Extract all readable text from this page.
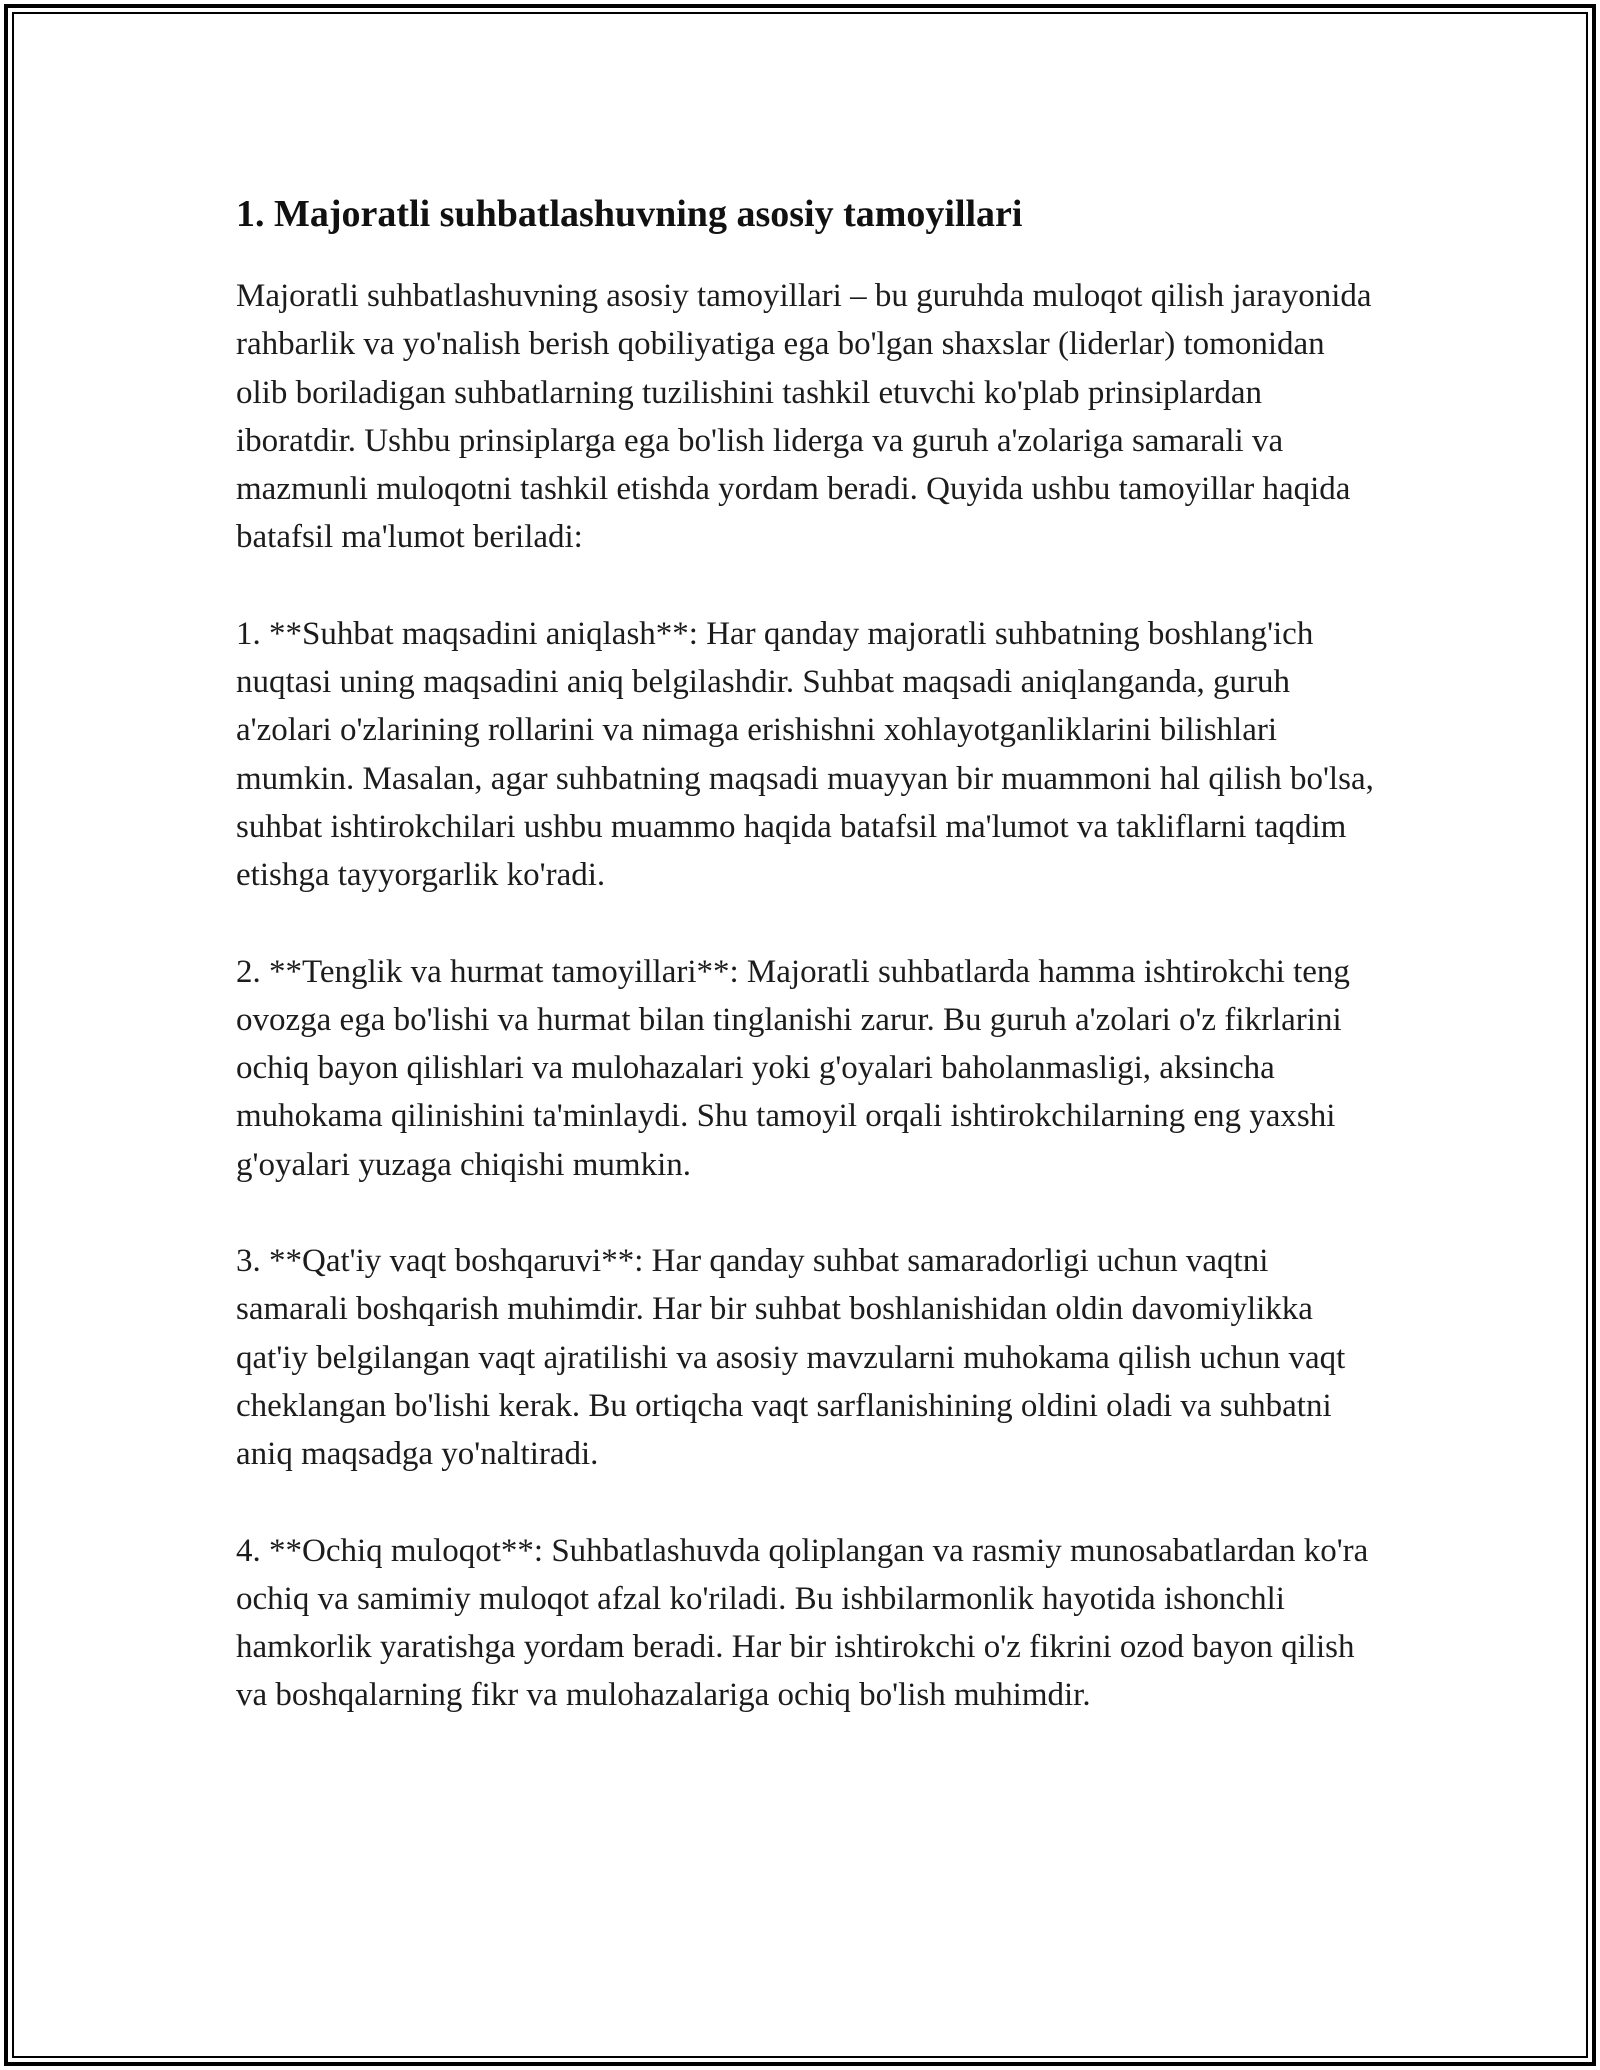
1. Majoratli suhbatlashuvning asosiy tamoyillari

Majoratli suhbatlashuvning asosiy tamoyillari – bu guruhda muloqot qilish jarayonida rahbarlik va yo'nalish berish qobiliyatiga ega bo'lgan shaxslar (liderlar) tomonidan olib boriladigan suhbatlarning tuzilishini tashkil etuvchi ko'plab prinsiplardan iboratdir. Ushbu prinsiplarga ega bo'lish liderga va guruh a'zolariga samarali va mazmunli muloqotni tashkil etishda yordam beradi. Quyida ushbu tamoyillar haqida batafsil ma'lumot beriladi:

1. **Suhbat maqsadini aniqlash**: Har qanday majoratli suhbatning boshlang'ich nuqtasi uning maqsadini aniq belgilashdir. Suhbat maqsadi aniqlanganda, guruh a'zolari o'zlarining rollarini va nimaga erishishni xohlayotganliklarini bilishlari mumkin. Masalan, agar suhbatning maqsadi muayyan bir muammoni hal qilish bo'lsa, suhbat ishtirokchilari ushbu muammo haqida batafsil ma'lumot va takliflarni taqdim etishga tayyorgarlik ko'radi.

2. **Tenglik va hurmat tamoyillari**: Majoratli suhbatlarda hamma ishtirokchi teng ovozga ega bo'lishi va hurmat bilan tinglanishi zarur. Bu guruh a'zolari o'z fikrlarini ochiq bayon qilishlari va mulohazalari yoki g'oyalari baholanmasligi, aksincha muhokama qilinishini ta'minlaydi. Shu tamoyil orqali ishtirokchilarning eng yaxshi g'oyalari yuzaga chiqishi mumkin.

3. **Qat'iy vaqt boshqaruvi**: Har qanday suhbat samaradorligi uchun vaqtni samarali boshqarish muhimdir. Har bir suhbat boshlanishidan oldin davomiylikka qat'iy belgilangan vaqt ajratilishi va asosiy mavzularni muhokama qilish uchun vaqt cheklangan bo'lishi kerak. Bu ortiqcha vaqt sarflanishining oldini oladi va suhbatni aniq maqsadga yo'naltiradi.

4. **Ochiq muloqot**: Suhbatlashuvda qoliplangan va rasmiy munosabatlardan ko'ra ochiq va samimiy muloqot afzal ko'riladi. Bu ishbilarmonlik hayotida ishonchli hamkorlik yaratishga yordam beradi. Har bir ishtirokchi o'z fikrini ozod bayon qilish va boshqalarning fikr va mulohazalariga ochiq bo'lish muhimdir.
